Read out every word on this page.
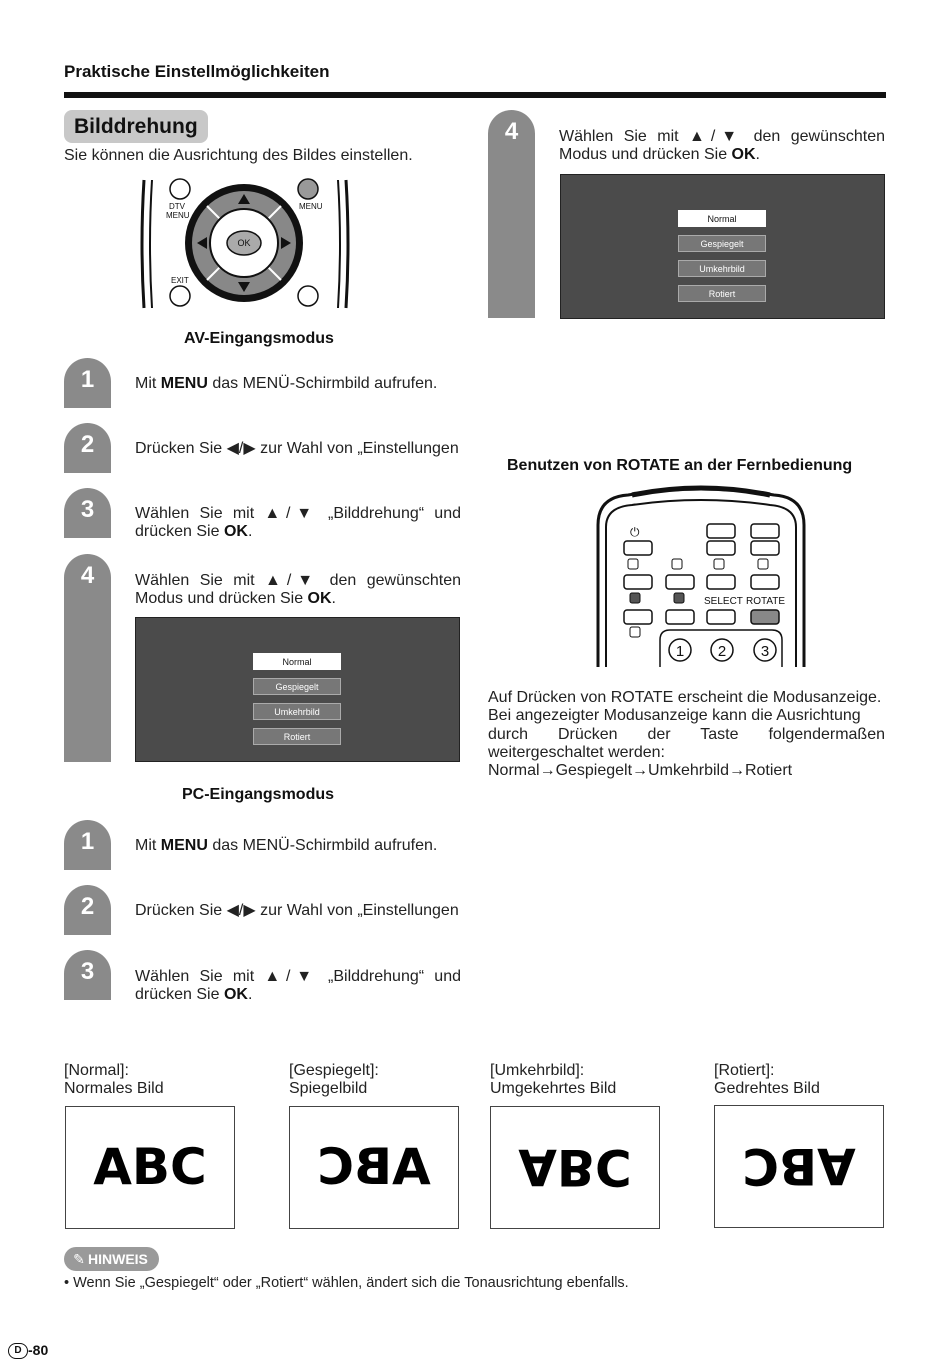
Praktische Einstellmöglichkeiten
Bilddrehung
Sie können die Ausrichtung des Bildes einstellen.
OK
DTV
MENU
MENU
EXIT
AV-Eingangsmodus
1	Mit MENU das MENÜ-Schirmbild aufrufen.
2	Drücken Sie ◀/▶ zur Wahl von „Einstellungen
3	Wählen Sie mit ▲/▼ „Bilddrehung“ und drücken Sie OK.
4	Wählen Sie mit ▲/▼ den gewünschten Modus und drücken Sie OK.
Normal
Gespiegelt
Umkehrbild
Rotiert
PC-Eingangsmodus
1	Mit MENU das MENÜ-Schirmbild aufrufen.
2	Drücken Sie ◀/▶ zur Wahl von „Einstellungen
3	Wählen Sie mit ▲/▼ „Bilddrehung“ und drücken Sie OK.
4	Wählen Sie mit ▲/▼ den gewünschten Modus und drücken Sie OK.
Normal
Gespiegelt
Umkehrbild
Rotiert
Benutzen von ROTATE an der Fernbedienung
⏻
SELECT ROTATE
1 2 3
Auf Drücken von ROTATE erscheint die Modusanzeige.
Bei angezeigter Modusanzeige kann die Ausrichtung
durch Drücken der Taste folgendermaßen
weitergeschaltet werden:
Normal→Gespiegelt→Umkehrbild→Rotiert
[Normal]:
Normales Bild
ABC
[Gespiegelt]:
Spiegelbild
ABC
[Umkehrbild]:
Umgekehrtes Bild
ABC
[Rotiert]:
Gedrehtes Bild
ABC
✎ HINWEIS
• Wenn Sie „Gespiegelt“ oder „Rotiert“ wählen, ändert sich die Tonausrichtung ebenfalls.
D -80
